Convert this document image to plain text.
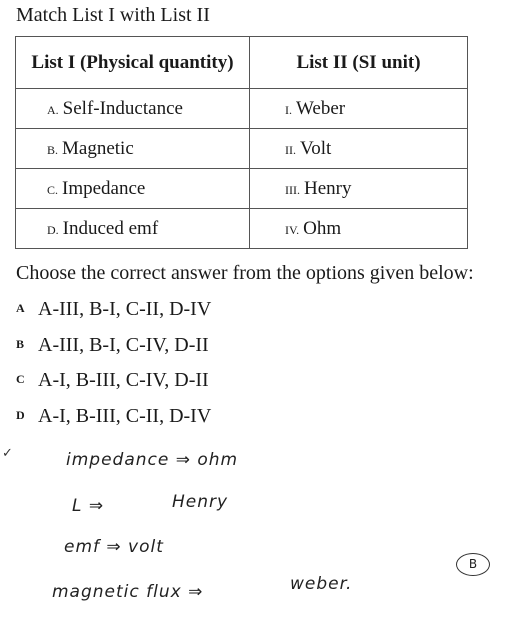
Match List I with List II
List I (Physical quantity)	List II (SI unit)
A. Self-Inductance	I. Weber
B. Magnetic	II. Volt
C. Impedance	III. Henry
D. Induced emf	IV. Ohm
Choose the correct answer from the options given below:
A A-III, B-I, C-II, D-IV
B A-III, B-I, C-IV, D-II
C A-I, B-III, C-IV, D-II
D A-I, B-III, C-II, D-IV
✓	impedance ⇒ ohm
L ⇒	Henry
emf ⇒ volt
magnetic flux ⇒	weber.
B
